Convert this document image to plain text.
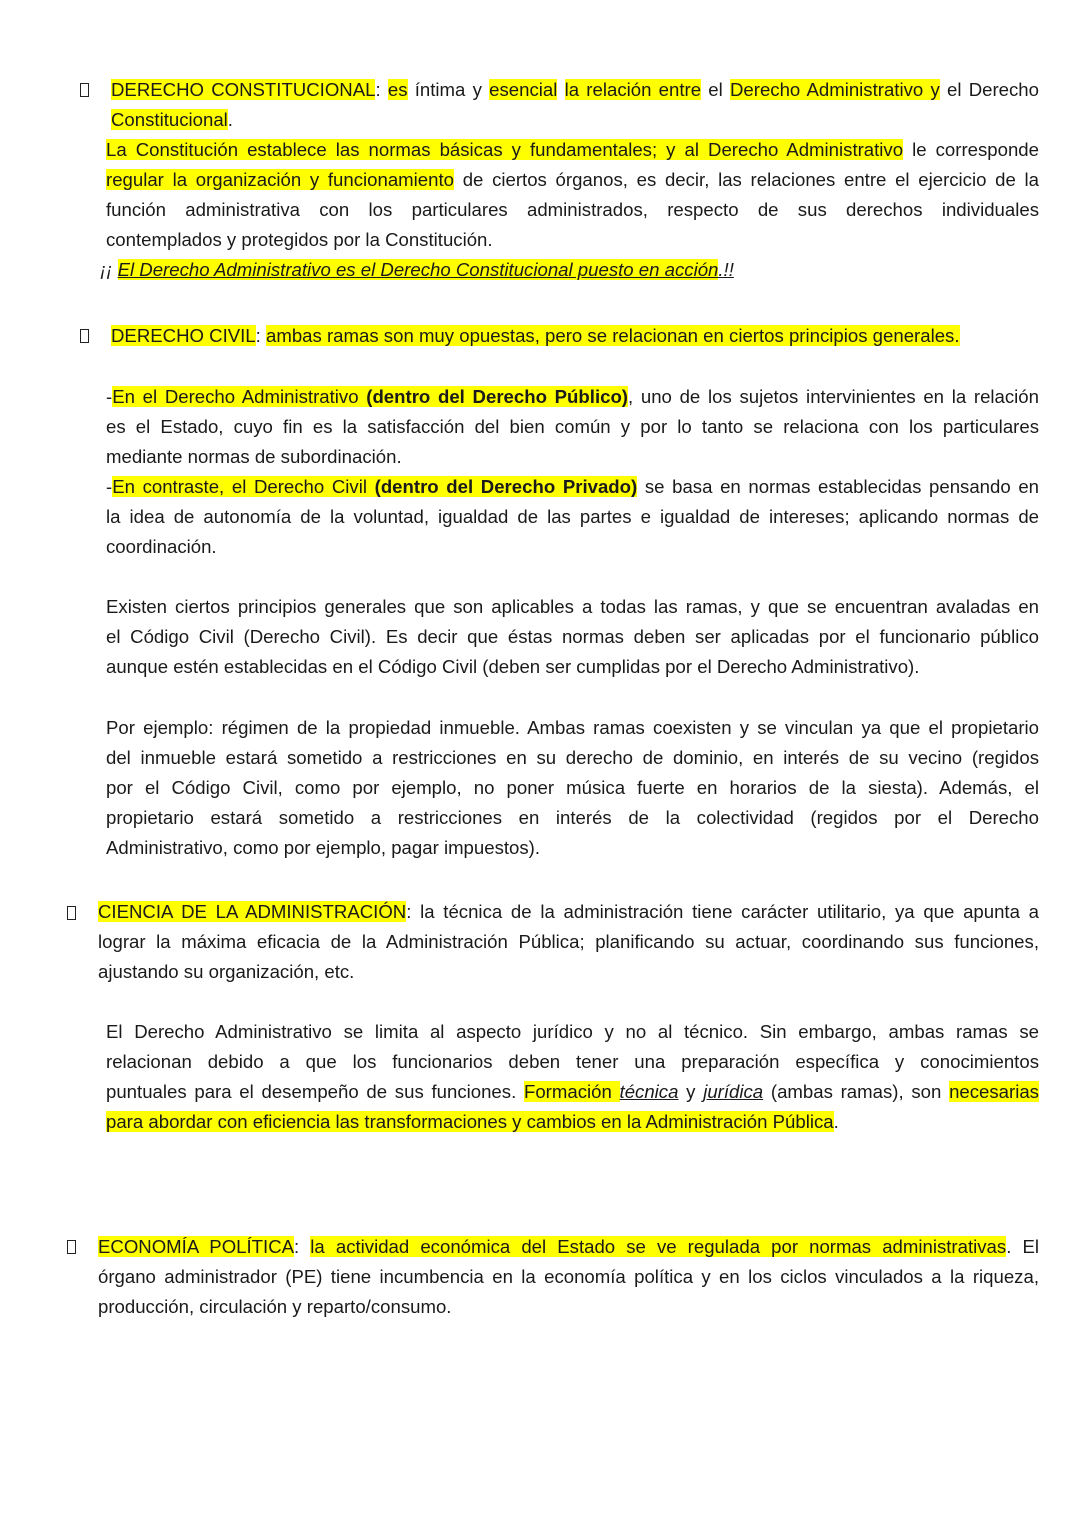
DERECHO CONSTITUCIONAL: es íntima y esencial la relación entre el Derecho Administrativo y el Derecho
Constitucional.
La Constitución establece las normas básicas y fundamentales; y al Derecho Administrativo le corresponde
regular la organización y funcionamiento de ciertos órganos, es decir, las relaciones entre el ejercicio de la
función administrativa con los particulares administrados, respecto de sus derechos individuales
contemplados y protegidos por la Constitución.
¡¡ El Derecho Administrativo es el Derecho Constitucional puesto en acción.!!
DERECHO CIVIL: ambas ramas son muy opuestas, pero se relacionan en ciertos principios generales.
-En el Derecho Administrativo (dentro del Derecho Público), uno de los sujetos intervinientes en la relación
es el Estado, cuyo fin es la satisfacción del bien común y por lo tanto se relaciona con los particulares
mediante normas de subordinación.
-En contraste, el Derecho Civil (dentro del Derecho Privado) se basa en normas establecidas pensando en
la idea de autonomía de la voluntad, igualdad de las partes e igualdad de intereses; aplicando normas de
coordinación.
Existen ciertos principios generales que son aplicables a todas las ramas, y que se encuentran avaladas en
el Código Civil (Derecho Civil). Es decir que éstas normas deben ser aplicadas por el funcionario público
aunque estén establecidas en el Código Civil (deben ser cumplidas por el Derecho Administrativo).
Por ejemplo: régimen de la propiedad inmueble. Ambas ramas coexisten y se vinculan ya que el propietario
del inmueble estará sometido a restricciones en su derecho de dominio, en interés de su vecino (regidos
por el Código Civil, como por ejemplo, no poner música fuerte en horarios de la siesta). Además, el
propietario estará sometido a restricciones en interés de la colectividad (regidos por el Derecho
Administrativo, como por ejemplo, pagar impuestos).
CIENCIA DE LA ADMINISTRACIÓN: la técnica de la administración tiene carácter utilitario, ya que apunta a
lograr la máxima eficacia de la Administración Pública; planificando su actuar, coordinando sus funciones,
ajustando su organización, etc.
El Derecho Administrativo se limita al aspecto jurídico y no al técnico. Sin embargo, ambas ramas se
relacionan debido a que los funcionarios deben tener una preparación específica y conocimientos
puntuales para el desempeño de sus funciones. Formación técnica y jurídica (ambas ramas), son necesarias
para abordar con eficiencia las transformaciones y cambios en la Administración Pública.
ECONOMÍA POLÍTICA: la actividad económica del Estado se ve regulada por normas administrativas. El
órgano administrador (PE) tiene incumbencia en la economía política y en los ciclos vinculados a la riqueza,
producción, circulación y reparto/consumo.
